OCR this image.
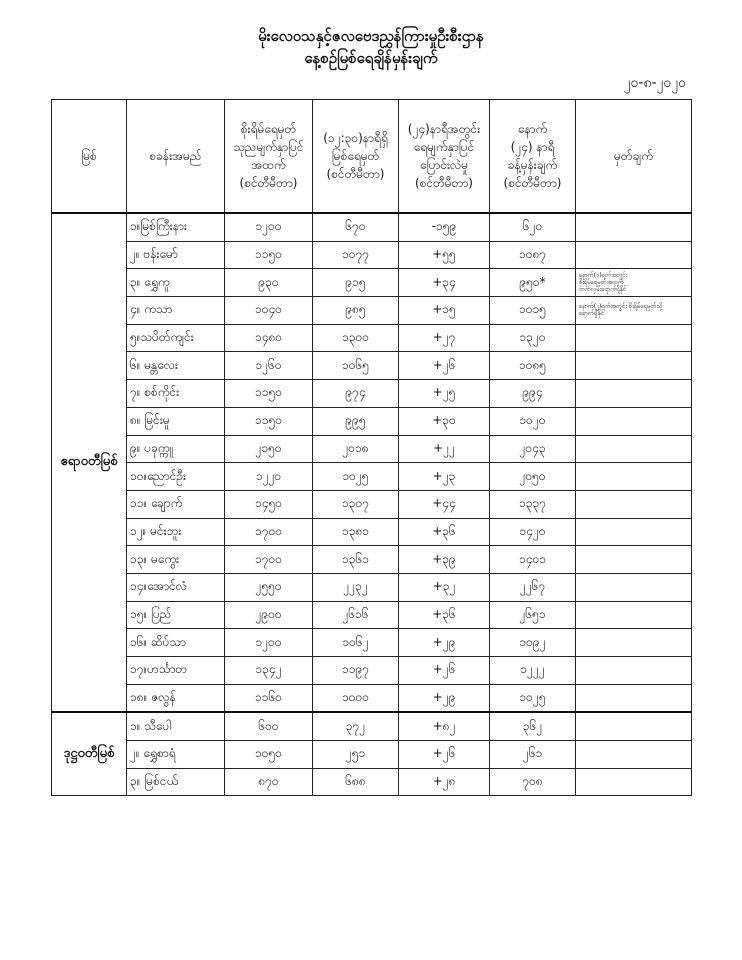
မိုးလေဝသနှင့်ဇလဗေဒညွှန်ကြားမှုဦးစီးဌာန
နေ့စဉ်မြစ်ရေချိန်မှန်းချက်
၂၀-၈-၂၀၂၀
မြစ်	စခန်းအမည်	စိုးရိမ်ရေမှတ်
သုညမျက်နှာပြင်
အထက်
(စင်တီမီတာ)	(၁၂:၃၀)နာရီရှိ
မြစ်ရေမှတ်
(စင်တီမီတာ)	(၂၄)နာရီအတွင်း
ရေမျက်နှာပြင်
ပြောင်းလဲမှု
(စင်တီမီတာ)	နောက်
(၂၄) နာရီ
ခန့်မှန်းချက်
(စင်တီမီတာ)	မှတ်ချက်
ဧရာဝတီမြစ်	၁။မြစ်ကြီးနား	၁၂၀၀	၆၇၀	-၁၅၉	၆၂၀	
	၂။ ဗန်းမော်	၁၁၅၀	၁၀၇၇	+၅၅	၁၀၈၇	
	၃။ ရွှေကူ	၉၃၀	၉၁၅	+၃၄	၉၅၀*	နောက်(၁)ရက်အတွင်း
စိုးရိမ်ရေမှတ်အထက်
တက်လှမ်းရောက်ရှိနိုင်
	၄။ ကသာ	၁၀၄၀	၉၈၅	+၁၅	၁၀၁၅	နောက်(၂)ရက်အတွင်း စိုးရိမ်ရေမှတ်သို့
ရောက်ရှိနိုင်
	၅။သပိတ်ကျင်း	၁၄၈၀	၁၃၀၀	+၂၇	၁၃၂၀	
	၆။ မန္တလေး	၁၂၆၀	၁၀၆၅	+၂၆	၁၀၈၅	
	၇။ စစ်ကိုင်း	၁၁၅၀	၉၇၄	+၂၅	၉၉၄	
	၈။ မြင်းမူ	၁၁၅၀	၉၉၅	+၃၀	၁၀၂၀	
	၉။ ပခုက္ကူ	၂၁၅၀	၂၀၁၈	+၂၂	၂၀၄၃	
	၁၀။ညောင်ဦး	၁၂၂၀	၁၀၂၅	+၂၃	၂၀၅၀	
	၁၁။ ချောက်	၁၄၅၀	၁၃၀၇	+၄၄	၁၃၃၇	
	၁၂။ မင်းဘူး	၁၇၀၀	၁၃၈၁	+၃၆	၁၄၂၀	
	၁၃။ မကွေး	၁၇၀၀	၁၃၆၁	+၃၉	၁၄၀၁	
	၁၄။အောင်လံ	၂၅၅၀	၂၂၃၂	+၃၂	၂၂၆၇	
	၁၅။ ပြည်	၂၉၀၀	၂၆၁၆	+၃၆	၂၆၅၁	
	၁၆။ ဆိပ်သာ	၁၂၀၀	၁၀၆၂	+၂၉	၁၀၉၂	
	၁၇။ဟင်္သာတ	၁၃၄၂	၁၁၉၇	+၂၆	၁၂၂၂	
	၁၈။ ဇလွန်	၁၁၆၀	၁၀၀၀	+၂၉	၁၀၂၅	
ဒုဋ္ဌဝတီမြစ်	၁။ သီပေါ	၆၀၀	၃၇၂	+၈၂	၃၆၂	
	၂။ ရွှေစာရံ	၁၀၅၀	၂၅၁	+၂၆	၂၆၁	
	၃။ မြစ်ငယ်	၈၇၀	၆၈၈	+၂၈	၇၀၈	
